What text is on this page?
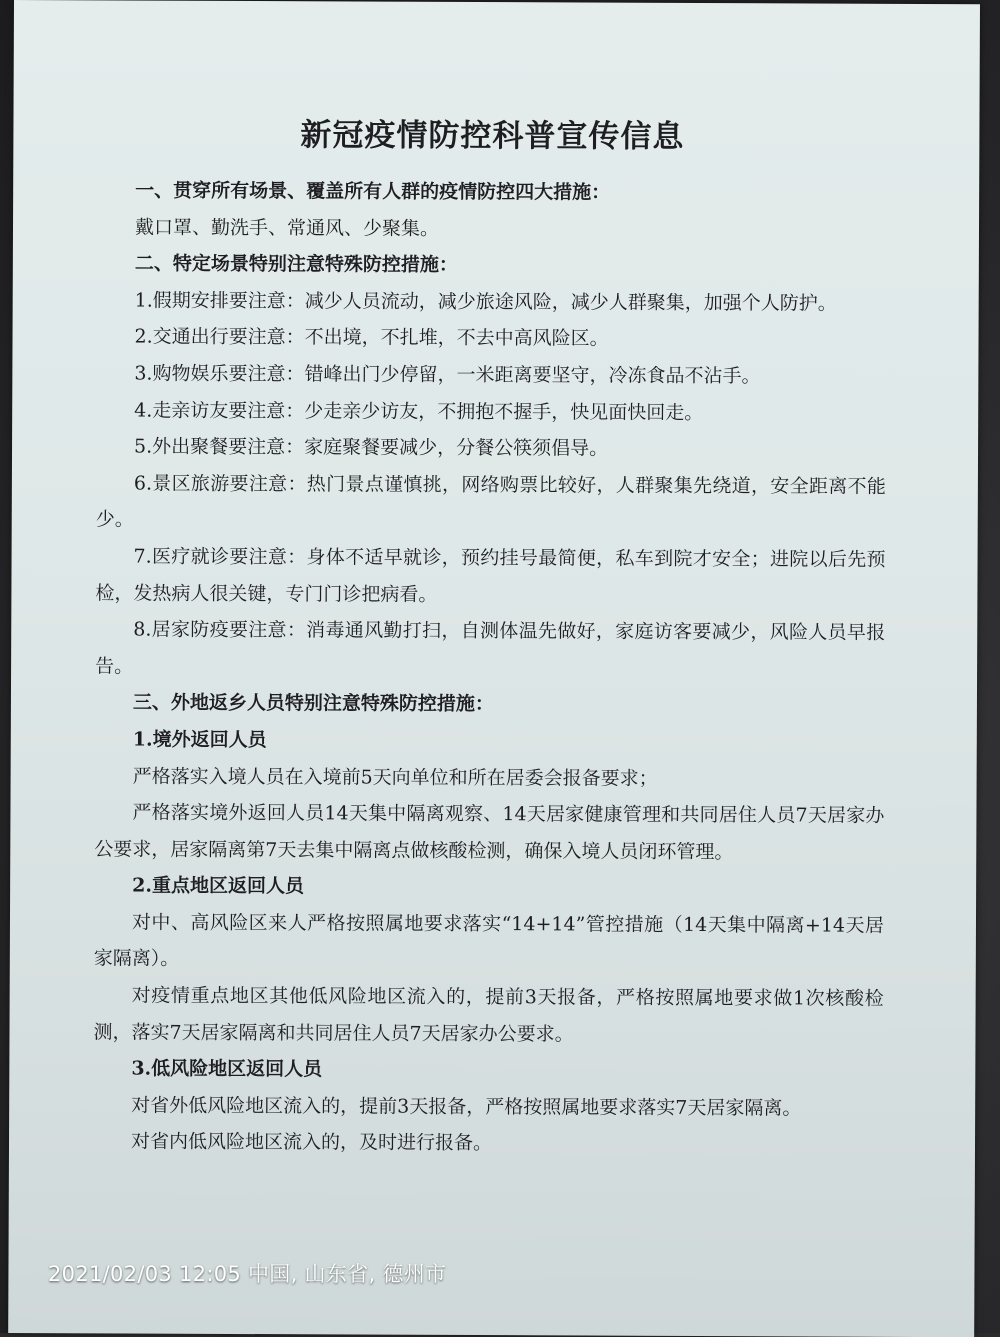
新冠疫情防控科普宣传信息

一、贯穿所有场景、覆盖所有人群的疫情防控四大措施：

戴口罩、勤洗手、常通风、少聚集。

二、特定场景特别注意特殊防控措施：

1.假期安排要注意：减少人员流动，减少旅途风险，减少人群聚集，加强个人防护。

2.交通出行要注意：不出境，不扎堆，不去中高风险区。

3.购物娱乐要注意：错峰出门少停留，一米距离要坚守，冷冻食品不沾手。

4.走亲访友要注意：少走亲少访友，不拥抱不握手，快见面快回走。

5.外出聚餐要注意：家庭聚餐要减少，分餐公筷须倡导。

6.景区旅游要注意：热门景点谨慎挑，网络购票比较好，人群聚集先绕道，安全距离不能少。

7.医疗就诊要注意：身体不适早就诊，预约挂号最简便，私车到院才安全；进院以后先预检，发热病人很关键，专门门诊把病看。

8.居家防疫要注意：消毒通风勤打扫，自测体温先做好，家庭访客要减少，风险人员早报告。

三、外地返乡人员特别注意特殊防控措施：

1.境外返回人员

严格落实入境人员在入境前5天向单位和所在居委会报备要求；

严格落实境外返回人员14天集中隔离观察、14天居家健康管理和共同居住人员7天居家办公要求，居家隔离第7天去集中隔离点做核酸检测，确保入境人员闭环管理。

2.重点地区返回人员

对中、高风险区来人严格按照属地要求落实“14+14”管控措施（14天集中隔离+14天居家隔离）。

对疫情重点地区其他低风险地区流入的，提前3天报备，严格按照属地要求做1次核酸检测，落实7天居家隔离和共同居住人员7天居家办公要求。

3.低风险地区返回人员

对省外低风险地区流入的，提前3天报备，严格按照属地要求落实7天居家隔离。

对省内低风险地区流入的，及时进行报备。

2021/02/03 12:05 中国, 山东省, 德州市
